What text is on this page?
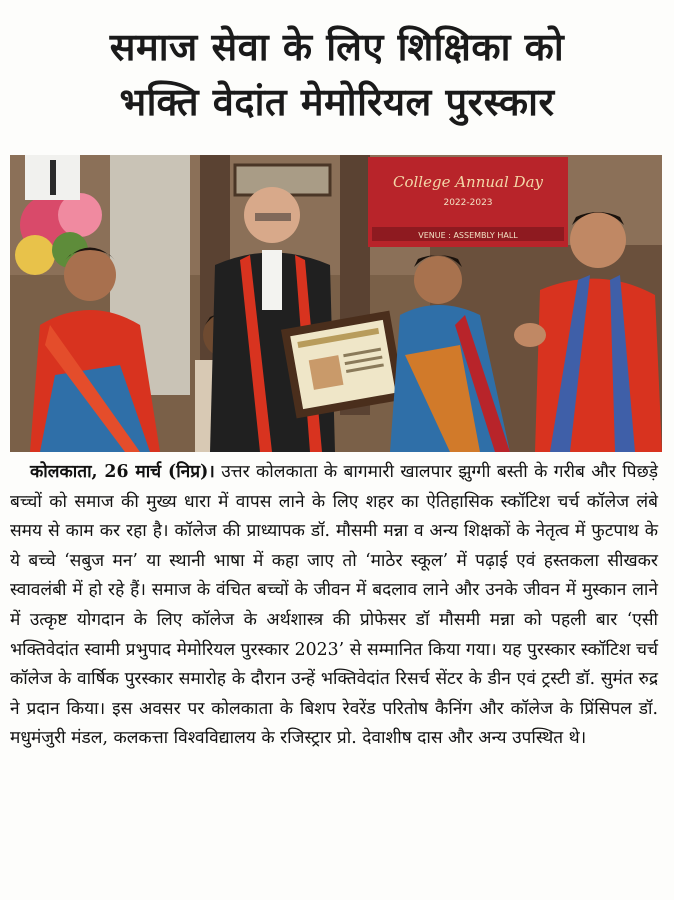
समाज सेवा के लिए शिक्षिका को
भक्ति वेदांत मेमोरियल पुरस्कार
College Annual Day
2022-2023
VENUE : ASSEMBLY HALL

कोलकाता, 26 मार्च (निप्र)। उत्तर कोलकाता के बागमारी खालपार झुग्गी बस्ती के गरीब और पिछड़े बच्चों को समाज की मुख्य धारा में वापस लाने के लिए शहर का ऐतिहासिक स्कॉटिश चर्च कॉलेज लंबे समय से काम कर रहा है। कॉलेज की प्राध्यापक डॉ. मौसमी मन्ना व अन्य शिक्षकों के नेतृत्व में फुटपाथ के ये बच्चे ‘सबुज मन’ या स्थानी भाषा में कहा जाए तो ‘माठेर स्कूल’ में पढ़ाई एवं हस्तकला सीखकर स्वावलंबी में हो रहे हैं। समाज के वंचित बच्चों के जीवन में बदलाव लाने और उनके जीवन में मुस्कान लाने में उत्कृष्ट योगदान के लिए कॉलेज के अर्थशास्त्र की प्रोफेसर डॉ मौसमी मन्ना को पहली बार ‘एसी भक्तिवेदांत स्वामी प्रभुपाद मेमोरियल पुरस्कार 2023’ से सम्मानित किया गया। यह पुरस्कार स्कॉटिश चर्च कॉलेज के वार्षिक पुरस्कार समारोह के दौरान उन्हें भक्तिवेदांत रिसर्च सेंटर के डीन एवं ट्रस्टी डॉ. सुमंत रुद्र ने प्रदान किया। इस अवसर पर कोलकाता के बिशप रेवरेंड परितोष कैनिंग और कॉलेज के प्रिंसिपल डॉ. मधुमंजुरी मंडल, कलकत्ता विश्वविद्यालय के रजिस्ट्रार प्रो. देवाशीष दास और अन्य उपस्थित थे।
